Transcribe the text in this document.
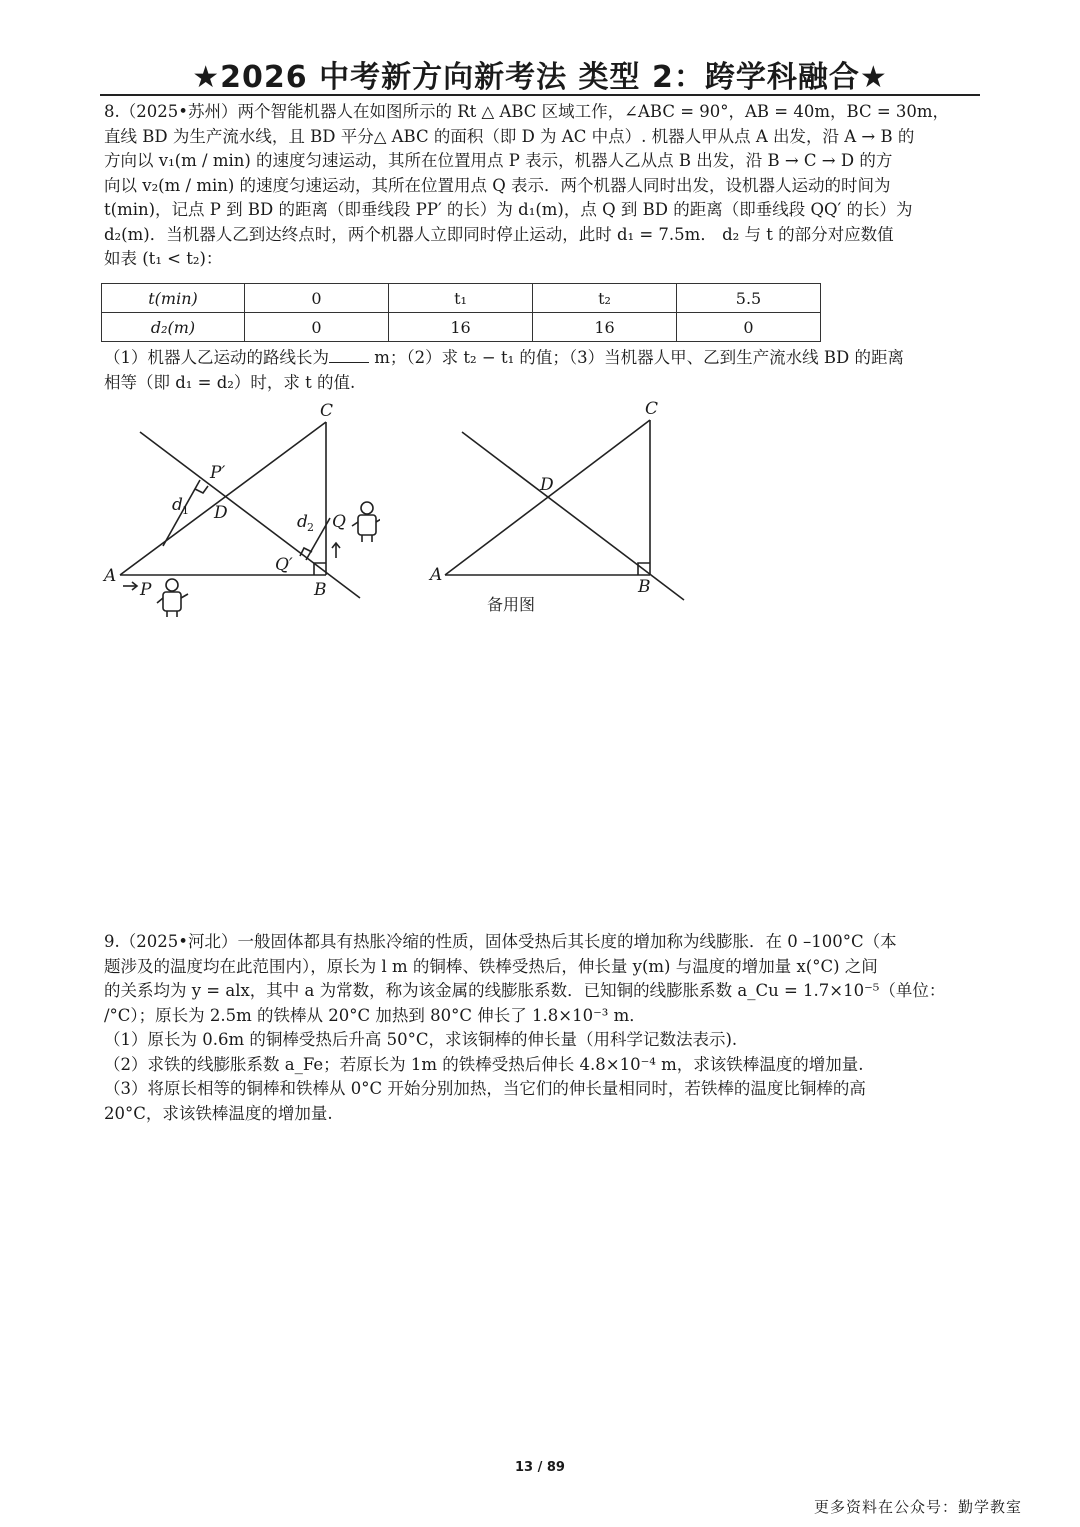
★2026 中考新方向新考法 类型 2：跨学科融合★
8.（2025•苏州）两个智能机器人在如图所示的 Rt △ ABC 区域工作，∠ABC = 90°，AB = 40m，BC = 30m，
直线 BD 为生产流水线，且 BD 平分△ ABC 的面积（即 D 为 AC 中点）. 机器人甲从点 A 出发，沿 A → B 的
方向以 v₁(m / min) 的速度匀速运动，其所在位置用点 P 表示，机器人乙从点 B 出发，沿 B → C → D 的方
向以 v₂(m / min) 的速度匀速运动，其所在位置用点 Q 表示．两个机器人同时出发，设机器人运动的时间为
t(min)，记点 P 到 BD 的距离（即垂线段 PP′ 的长）为 d₁(m)，点 Q 到 BD 的距离（即垂线段 QQ′ 的长）为
d₂(m)．当机器人乙到达终点时，两个机器人立即同时停止运动，此时 d₁ = 7.5m． d₂ 与 t 的部分对应数值
如表 (t₁ < t₂)：
t(min)	0	t₁	t₂	5.5
d₂(m)	0	16	16	0
（1）机器人乙运动的路线长为 m；（2）求 t₂ − t₁ 的值；（3）当机器人甲、乙到生产流水线 BD 的距离
相等（即 d₁ = d₂）时，求 t 的值.
A
B
C
D
P
P′
Q
Q′
d 1
d 2
A
B
C
D
备用图
9.（2025•河北）一般固体都具有热胀冷缩的性质，固体受热后其长度的增加称为线膨胀．在 0 –100°C（本
题涉及的温度均在此范围内），原长为 l m 的铜棒、铁棒受热后，伸长量 y(m) 与温度的增加量 x(°C) 之间
的关系均为 y = alx，其中 a 为常数，称为该金属的线膨胀系数．已知铜的线膨胀系数 a_Cu = 1.7×10⁻⁵（单位：
/°C）；原长为 2.5m 的铁棒从 20°C 加热到 80°C 伸长了 1.8×10⁻³ m．
（1）原长为 0.6m 的铜棒受热后升高 50°C，求该铜棒的伸长量（用科学记数法表示).
（2）求铁的线膨胀系数 a_Fe；若原长为 1m 的铁棒受热后伸长 4.8×10⁻⁴ m，求该铁棒温度的增加量.
（3）将原长相等的铜棒和铁棒从 0°C 开始分别加热，当它们的伸长量相同时，若铁棒的温度比铜棒的高
20°C，求该铁棒温度的增加量.
13 / 89
更多资料在公众号：勤学教室
